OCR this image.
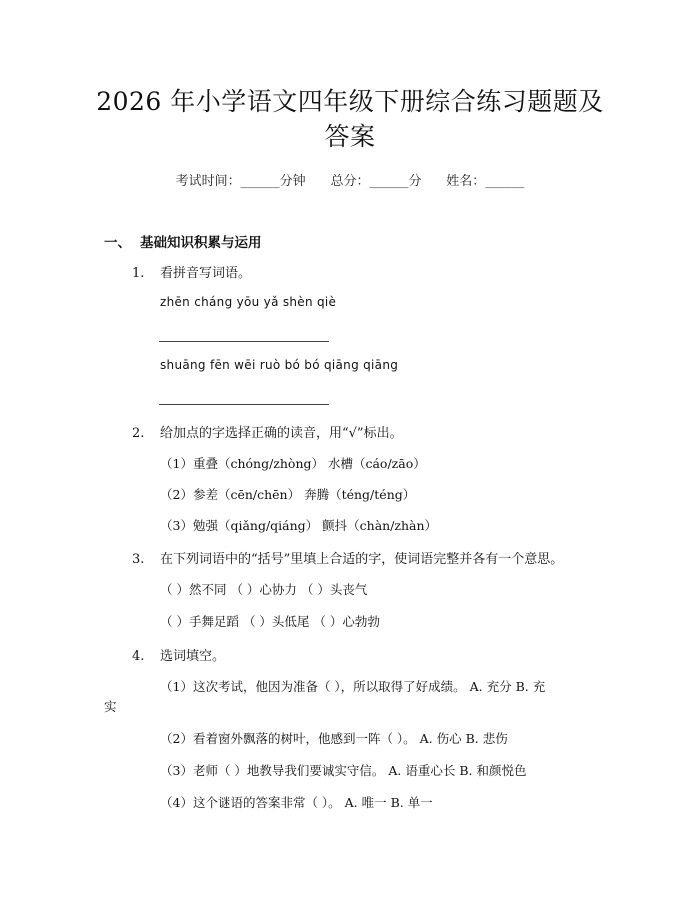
2026 年小学语文四年级下册综合练习题题及
答案
考试时间：______分钟 总分：______分 姓名：______
一、 基础知识积累与运用
1. 看拼音写词语。
zhēn cháng yōu yǎ shèn qiè
shuāng fēn wēi ruò bó bó qiāng qiāng
2. 给加点的字选择正确的读音，用“√”标出。
（1）重叠（chóng/zhòng） 水槽（cáo/zāo）
（2）参差（cēn/chēn） 奔腾（téng/téng）
（3）勉强（qiǎng/qiáng） 颤抖（chàn/zhàn）
3. 在下列词语中的“括号”里填上合适的字，使词语完整并各有一个意思。
（ ）然不同 （ ）心协力 （ ）头丧气
（ ）手舞足蹈 （ ）头低尾 （ ）心勃勃
4. 选词填空。
（1）这次考试，他因为准备（ ），所以取得了好成绩。 A. 充分 B. 充
实
（2）看着窗外飘落的树叶，他感到一阵（ ）。 A. 伤心 B. 悲伤
（3）老师（ ）地教导我们要诚实守信。 A. 语重心长 B. 和颜悦色
（4）这个谜语的答案非常（ ）。 A. 唯一 B. 单一
